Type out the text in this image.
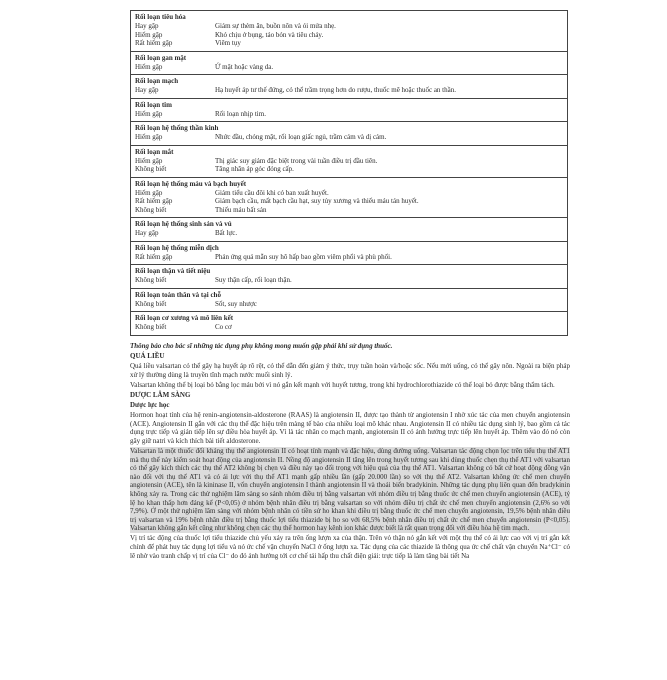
Rối loạn tiêu hóa
Hay gặp	Giảm sự thèm ăn, buồn nôn và ói mửa nhẹ.
Hiếm gặp	Khó chịu ở bụng, táo bón và tiêu chảy.
Rất hiếm gặp	Viêm tụy
Rối loạn gan mật
Hiếm gặp	Ứ mật hoặc vàng da.
Rối loạn mạch
Hay gặp	Hạ huyết áp tư thế đứng, có thể trầm trọng hơn do rượu, thuốc mê hoặc thuốc an thần.
Rối loạn tim
Hiếm gặp	Rối loạn nhịp tim.
Rối loạn hệ thống thần kinh
Hiếm gặp	Nhức đầu, chóng mặt, rối loạn giấc ngủ, trầm cảm và dị cảm.
Rối loạn mắt
Hiếm gặp	Thị giác suy giảm đặc biệt trong vài tuần điều trị đầu tiên.
Không biết	Tăng nhãn áp góc đóng cấp.
Rối loạn hệ thống máu và bạch huyết
Hiếm gặp	Giảm tiểu cầu đôi khi có ban xuất huyết.
Rất hiếm gặp	Giảm bạch cầu, mất bạch cầu hạt, suy tủy xương và thiếu máu tán huyết.
Không biết	Thiếu máu bất sản
Rối loạn hệ thống sinh sản và vú
Hay gặp	Bất lực.
Rối loạn hệ thống miễn dịch
Rất hiếm gặp	Phản ứng quá mẫn suy hô hấp bao gồm viêm phổi và phù phổi.
Rối loạn thận và tiết niệu
Không biết	Suy thận cấp, rối loạn thận.
Rối loạn toàn thân và tại chỗ
Không biết	Sốt, suy nhược
Rối loạn cơ xương và mô liên kết
Không biết	Co cơ

Thông báo cho bác sĩ những tác dụng phụ không mong muốn gặp phải khi sử dụng thuốc.

QUÁ LIỀU

Quá liều valsartan có thể gây hạ huyết áp rõ rệt, có thể dẫn đến giảm ý thức, trụy tuần hoàn và/hoặc sốc. Nếu mới uống, có thể gây nôn. Ngoài ra biện pháp xử lý thường dùng là truyền tĩnh mạch nước muối sinh lý.

Valsartan không thể bị loại bỏ bằng lọc máu bởi vì nó gắn kết mạnh với huyết tương, trong khi hydrochlorothiazide có thể loại bỏ được bằng thẩm tách.

DƯỢC LÂM SÀNG

Dược lực học

Hormon hoạt tính của hệ renin-angiotensin-aldosterone (RAAS) là angiotensin II, được tạo thành từ angiotensin I nhờ xúc tác của men chuyển angiotensin (ACE). Angiotensin II gắn với các thụ thể đặc hiệu trên màng tế bào của nhiều loại mô khác nhau. Angiotensin II có nhiều tác dụng sinh lý, bao gồm cả tác dụng trực tiếp và gián tiếp lên sự điều hòa huyết áp. Vì là tác nhân co mạch mạnh, angiotensin II có ảnh hưởng trực tiếp lên huyết áp. Thêm vào đó nó còn gây giữ natri và kích thích bài tiết aldosterone.

Valsartan là một thuốc đối kháng thụ thể angiotensin II có hoạt tính mạnh và đặc hiệu, dùng đường uống. Valsartan tác động chọn lọc trên tiểu thụ thể AT1 mà thụ thể này kiểm soát hoạt động của angiotensin II. Nồng độ angiotensin II tăng lên trong huyết tương sau khi dùng thuốc chẹn thụ thể AT1 với valsartan có thể gây kích thích các thụ thể AT2 không bị chẹn và điều này tạo đối trọng với hiệu quả của thụ thể AT1. Valsartan không có bất cứ hoạt động đồng vận nào đối với thụ thể AT1 và có ái lực với thụ thể AT1 mạnh gấp nhiều lần (gấp 20.000 lần) so với thụ thể AT2. Valsartan không ức chế men chuyển angiotensin (ACE), tên là kininase II, vốn chuyển angiotensin I thành angiotensin II và thoái biến bradykinin. Những tác dụng phụ liên quan đến bradykinin không xảy ra. Trong các thử nghiệm lâm sàng so sánh nhóm điều trị bằng valsartan với nhóm điều trị bằng thuốc ức chế men chuyển angiotensin (ACE), tỷ lệ ho khan thấp hơn đáng kể (P<0,05) ở nhóm bệnh nhân điều trị bằng valsartan so với nhóm điều trị chất ức chế men chuyển angiotensin (2,6% so với 7,9%). Ở một thử nghiệm lâm sàng với nhóm bệnh nhân có tiền sử ho khan khi điều trị bằng thuốc ức chế men chuyển angiotensin, 19,5% bệnh nhân điều trị valsartan và 19% bệnh nhân điều trị bằng thuốc lợi tiểu thiazide bị ho so với 68,5% bệnh nhân điều trị chất ức chế men chuyển angiotensin (P<0,05). Valsartan không gắn kết cũng như không chẹn các thụ thể hormon hay kênh ion khác được biết là rất quan trọng đối với điều hòa hệ tim mạch.

Vị trí tác động của thuốc lợi tiểu thiazide chủ yếu xảy ra trên ống lượn xa của thận. Trên vỏ thận nó gắn kết với một thụ thể có ái lực cao với vị trí gắn kết chính để phát huy tác dụng lợi tiểu và nó ức chế vận chuyển NaCl ở ống lượn xa. Tác dụng của các thiazide là thông qua ức chế chất vận chuyển Na⁺Cl⁻ có lẽ nhờ vào tranh chấp vị trí của Cl⁻ do đó ảnh hưởng tới cơ chế tái hấp thu chất điện giải: trực tiếp là làm tăng bài tiết Na
